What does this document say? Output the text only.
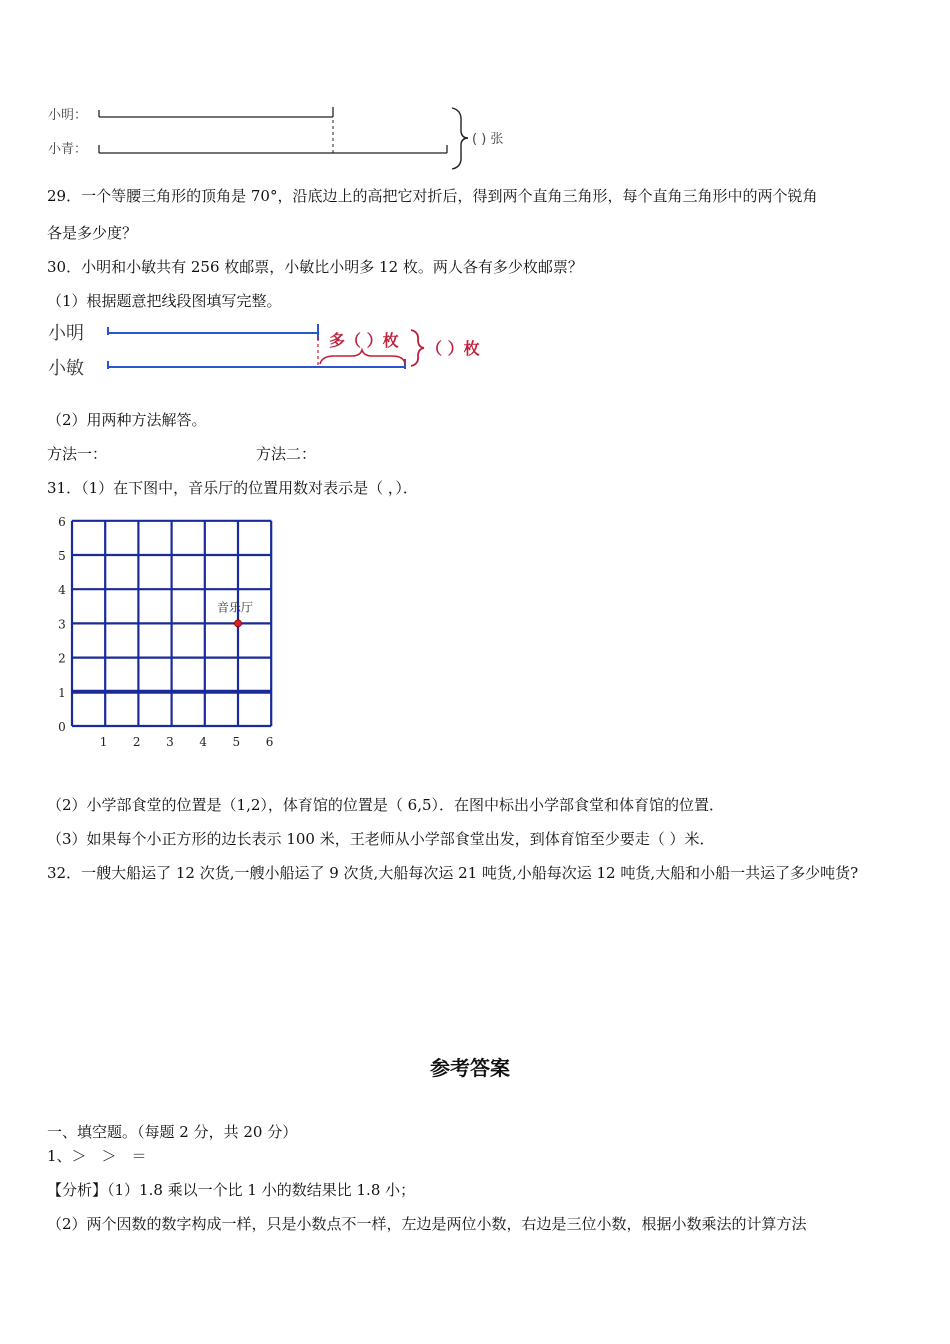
小明：
小青：
( ) 张
29．一个等腰三角形的顶角是 70°，沿底边上的高把它对折后，得到两个直角三角形，每个直角三角形中的两个锐角
各是多少度？
30．小明和小敏共有 256 枚邮票，小敏比小明多 12 枚。两人各有多少枚邮票？
（1）根据题意把线段图填写完整。
小明
小敏
多（ ）枚 （ ）枚
（2）用两种方法解答。
方法一：	方法二：
31．（1）在下图中，音乐厅的位置用数对表示是（ ，）．
6
5
4
3
2
1
0
1 2 3 4 5 6
音乐厅
（2）小学部食堂的位置是（1,2），体育馆的位置是（ 6,5）．在图中标出小学部食堂和体育馆的位置．
（3）如果每个小正方形的边长表示 100 米，王老师从小学部食堂出发，到体育馆至少要走（ ）米．
32．一艘大船运了 12 次货,一艘小船运了 9 次货,大船每次运 21 吨货,小船每次运 12 吨货,大船和小船一共运了多少吨货?
参考答案
一、填空题。（每题 2 分，共 20 分）
1、＞　＞　＝
【分析】（1）1.8 乘以一个比 1 小的数结果比 1.8 小；
（2）两个因数的数字构成一样，只是小数点不一样，左边是两位小数，右边是三位小数，根据小数乘法的计算方法
